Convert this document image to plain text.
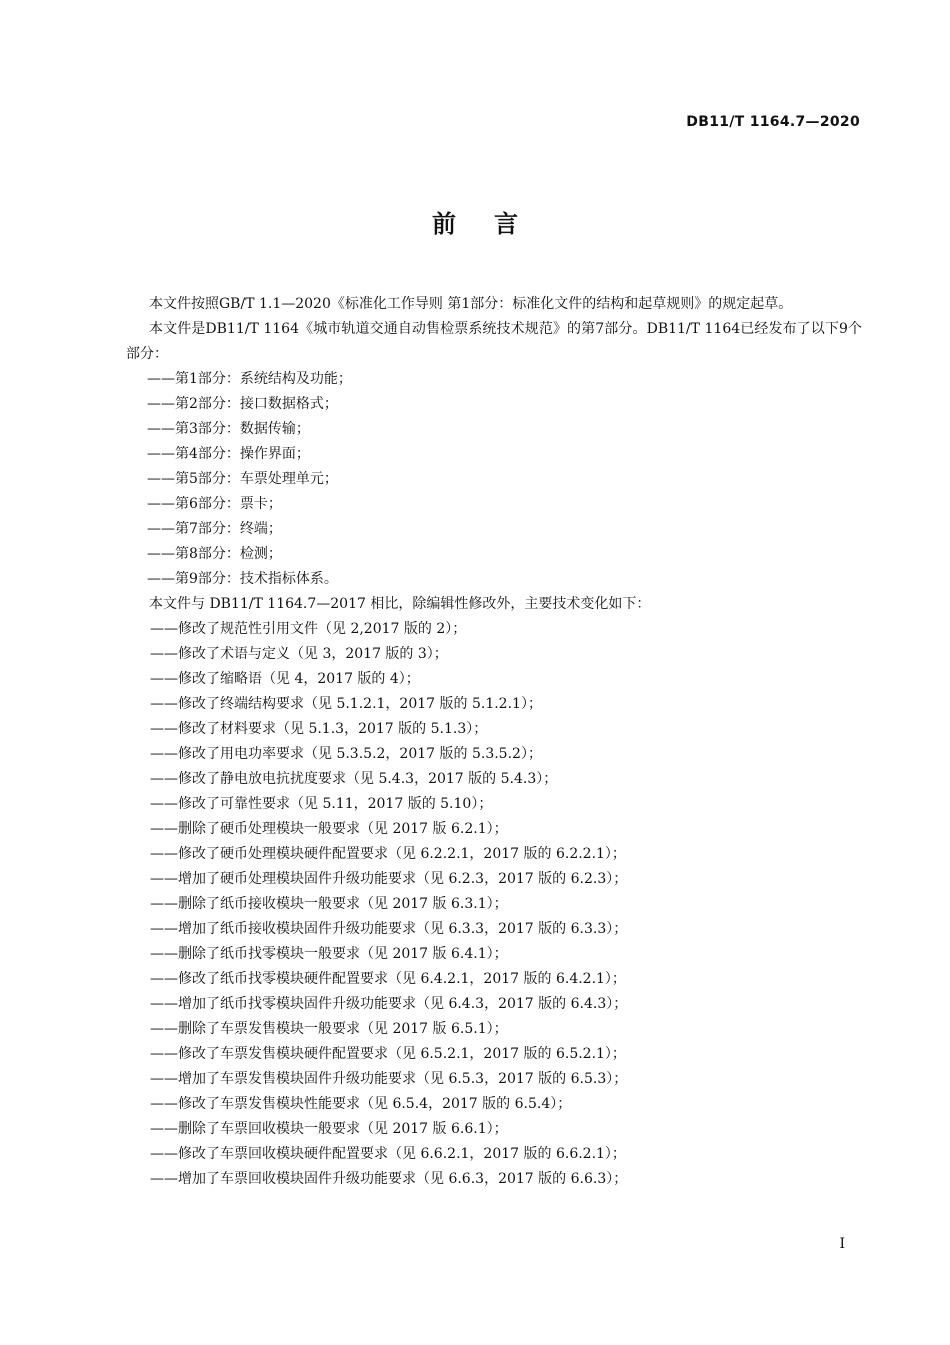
DB11/T 1164.7—2020
前言

本文件按照GB/T 1.1—2020《标准化工作导则 第1部分：标准化文件的结构和起草规则》的规定起草。

本文件是DB11/T 1164《城市轨道交通自动售检票系统技术规范》的第7部分。DB11/T 1164已经发布了以下9个部分：

——第1部分：系统结构及功能；
——第2部分：接口数据格式；
——第3部分：数据传输；
——第4部分：操作界面；
——第5部分：车票处理单元；
——第6部分：票卡；
——第7部分：终端；
——第8部分：检测；
——第9部分：技术指标体系。

本文件与 DB11/T 1164.7—2017 相比，除编辑性修改外，主要技术变化如下：

——修改了规范性引用文件（见 2,2017 版的 2）；
——修改了术语与定义（见 3，2017 版的 3）；
——修改了缩略语（见 4，2017 版的 4）；
——修改了终端结构要求（见 5.1.2.1，2017 版的 5.1.2.1）；
——修改了材料要求（见 5.1.3，2017 版的 5.1.3）；
——修改了用电功率要求（见 5.3.5.2，2017 版的 5.3.5.2）；
——修改了静电放电抗扰度要求（见 5.4.3，2017 版的 5.4.3）；
——修改了可靠性要求（见 5.11，2017 版的 5.10）；
——删除了硬币处理模块一般要求（见 2017 版 6.2.1）；
——修改了硬币处理模块硬件配置要求（见 6.2.2.1，2017 版的 6.2.2.1）；
——增加了硬币处理模块固件升级功能要求（见 6.2.3，2017 版的 6.2.3）；
——删除了纸币接收模块一般要求（见 2017 版 6.3.1）；
——增加了纸币接收模块固件升级功能要求（见 6.3.3，2017 版的 6.3.3）；
——删除了纸币找零模块一般要求（见 2017 版 6.4.1）；
——修改了纸币找零模块硬件配置要求（见 6.4.2.1，2017 版的 6.4.2.1）；
——增加了纸币找零模块固件升级功能要求（见 6.4.3，2017 版的 6.4.3）；
——删除了车票发售模块一般要求（见 2017 版 6.5.1）；
——修改了车票发售模块硬件配置要求（见 6.5.2.1，2017 版的 6.5.2.1）；
——增加了车票发售模块固件升级功能要求（见 6.5.3，2017 版的 6.5.3）；
——修改了车票发售模块性能要求（见 6.5.4，2017 版的 6.5.4）；
——删除了车票回收模块一般要求（见 2017 版 6.6.1）；
——修改了车票回收模块硬件配置要求（见 6.6.2.1，2017 版的 6.6.2.1）；
——增加了车票回收模块固件升级功能要求（见 6.6.3，2017 版的 6.6.3）；
I
